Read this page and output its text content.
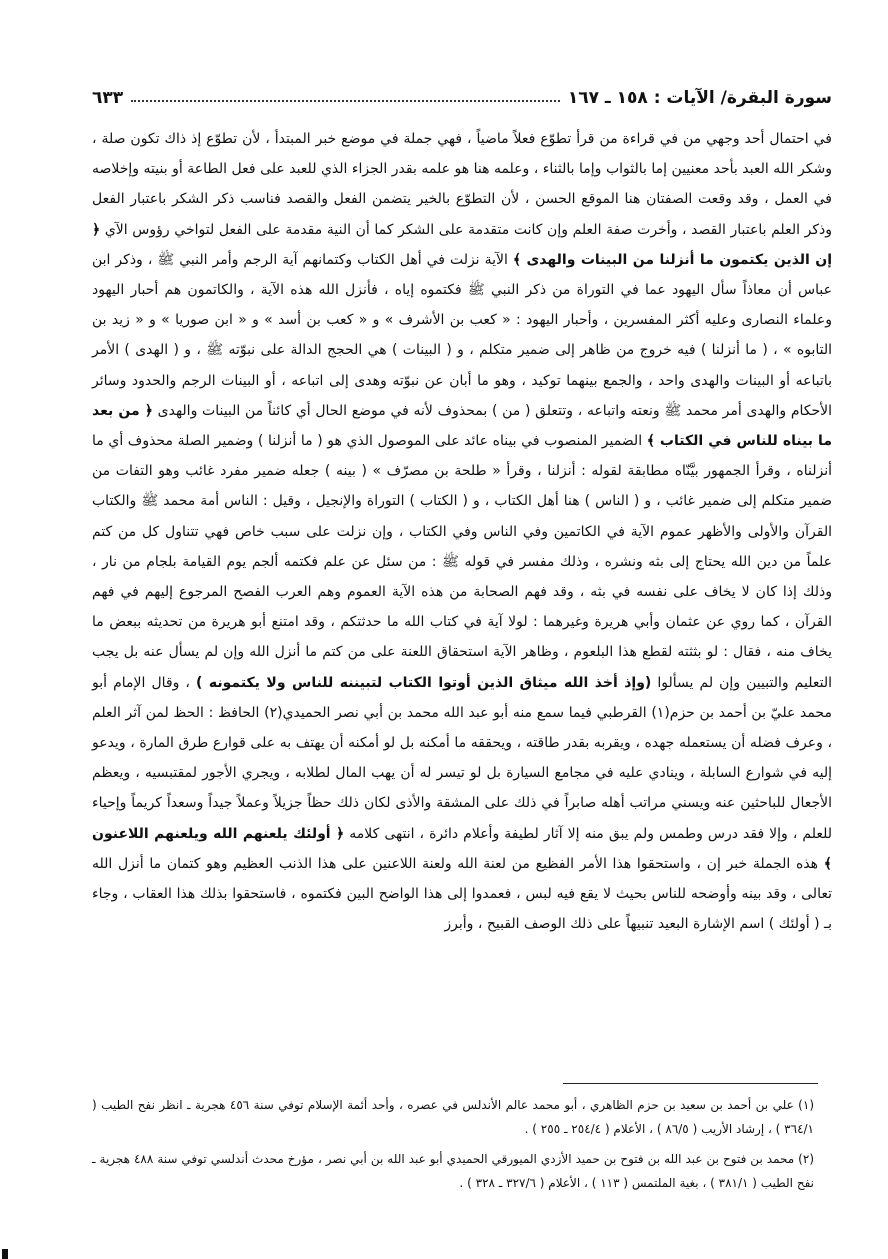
سورة البقرة/ الآيات : ١٥٨ ـ ١٦٧
٦٣٣
في احتمال أحد وجهي من في قراءة من قرأ تطوّع فعلاً ماضياً ، فهي جملة في موضع خبر المبتدأ ، لأن تطوّع إذ ذاك تكون صلة ، وشكر الله العبد بأحد معنيين إما بالثواب وإما بالثناء ، وعلمه هنا هو علمه بقدر الجزاء الذي للعبد على فعل الطاعة أو بنيته وإخلاصه في العمل ، وقد وقعت الصفتان هنا الموقع الحسن ، لأن التطوّع بالخير يتضمن الفعل والقصد فناسب ذكر الشكر باعتبار الفعل وذكر العلم باعتبار القصد ، وأخرت صفة العلم وإن كانت متقدمة على الشكر كما أن النية مقدمة على الفعل لتواخي رؤوس الآي ﴿ إن الذين يكتمون ما أنزلنا من البينات والهدى ﴾ الآية نزلت في أهل الكتاب وكتمانهم آية الرجم وأمر النبي ﷺ ، وذكر ابن عباس أن معاذاً سأل اليهود عما في التوراة من ذكر النبي ﷺ فكتموه إياه ، فأنزل الله هذه الآية ، والكاتمون هم أحبار اليهود وعلماء النصارى وعليه أكثر المفسرين ، وأحبار اليهود : « كعب بن الأشرف » و « كعب بن أسد » و « ابن صوريا » و « زيد بن التابوه » ، ( ما أنزلنا ) فيه خروج من ظاهر إلى ضمير متكلم ، و ( البينات ) هي الحجج الدالة على نبوّته ﷺ ، و ( الهدى ) الأمر باتباعه أو البينات والهدى واحد ، والجمع بينهما توكيد ، وهو ما أبان عن نبوّته وهدى إلى اتباعه ، أو البينات الرجم والحدود وسائر الأحكام والهدى أمر محمد ﷺ ونعته واتباعه ، وتتعلق ( من ) بمحذوف لأنه في موضع الحال أي كائناً من البينات والهدى ﴿ من بعد ما بيناه للناس في الكتاب ﴾ الضمير المنصوب في بيناه عائد على الموصول الذي هو ( ما أنزلنا ) وضمير الصلة محذوف أي ما أنزلناه ، وقرأ الجمهور بيَّنّاه مطابقة لقوله : أنزلنا ، وقرأ « طلحة بن مصرّف » ( بينه ) جعله ضمير مفرد غائب وهو التفات من ضمير متكلم إلى ضمير غائب ، و ( الناس ) هنا أهل الكتاب ، و ( الكتاب ) التوراة والإنجيل ، وقيل : الناس أمة محمد ﷺ والكتاب القرآن والأولى والأظهر عموم الآية في الكاتمين وفي الناس وفي الكتاب ، وإن نزلت على سبب خاص فهي تتناول كل من كتم علماً من دين الله يحتاج إلى بثه ونشره ، وذلك مفسر في قوله ﷺ : من سئل عن علم فكتمه ألجم يوم القيامة بلجام من نار ، وذلك إذا كان لا يخاف على نفسه في بثه ، وقد فهم الصحابة من هذه الآية العموم وهم العرب الفصح المرجوع إليهم في فهم القرآن ، كما روي عن عثمان وأبي هريرة وغيرهما : لولا آية في كتاب الله ما حدثتكم ، وقد امتنع أبو هريرة من تحديثه ببعض ما يخاف منه ، فقال : لو بثثته لقطع هذا البلعوم ، وظاهر الآية استحقاق اللعنة على من كتم ما أنزل الله وإن لم يسأل عنه بل يجب التعليم والتبيين وإن لم يسألوا (وإذ أخذ الله ميثاق الذين أوتوا الكتاب لتبيننه للناس ولا يكتمونه ) ، وقال الإمام أبو محمد عليّ بن أحمد بن حزم(١) القرطبي فيما سمع منه أبو عبد الله محمد بن أبي نصر الحميدي(٢) الحافظ : الحظ لمن آثر العلم ، وعرف فضله أن يستعمله جهده ، ويقربه بقدر طاقته ، ويحققه ما أمكنه بل لو أمكنه أن يهتف به على قوارع طرق المارة ، ويدعو إليه في شوارع السابلة ، وينادي عليه في مجامع السيارة بل لو تيسر له أن يهب المال لطلابه ، ويجري الأجور لمقتبسيه ، ويعظم الأجعال للباحثين عنه ويسني مراتب أهله صابراً في ذلك على المشقة والأذى لكان ذلك حظاً جزيلاً وعملاً جيداً وسعداً كريماً وإحياء للعلم ، وإلا فقد درس وطمس ولم يبق منه إلا آثار لطيفة وأعلام دائرة ، انتهى كلامه ﴿ أولئك يلعنهم الله ويلعنهم اللاعنون ﴾ هذه الجملة خبر إن ، واستحقوا هذا الأمر الفظيع من لعنة الله ولعنة اللاعنين على هذا الذنب العظيم وهو كتمان ما أنزل الله تعالى ، وقد بينه وأوضحه للناس بحيث لا يقع فيه لبس ، فعمدوا إلى هذا الواضح البين فكتموه ، فاستحقوا بذلك هذا العقاب ، وجاء بـ ( أولئك ) اسم الإشارة البعيد تنبيهاً على ذلك الوصف القبيح ، وأبرز

(١) علي بن أحمد بن سعيد بن حزم الظاهري ، أبو محمد عالم الأندلس في عصره ، وأحد أئمة الإسلام توفي سنة ٤٥٦ هجرية ـ انظر نفح الطيب ( ٣٦٤/١ ) ، إرشاد الأريب ( ٨٦/٥ ) ، الأعلام ( ٢٥٤/٤ ـ ٢٥٥ ) .

(٢) محمد بن فتوح بن عبد الله بن فتوح بن حميد الأزدي الميورقي الحميدي أبو عبد الله بن أبي نصر ، مؤرخ محدث أندلسي توفي سنة ٤٨٨ هجرية ـ نفح الطيب ( ٣٨١/١ ) ، بغية الملتمس ( ١١٣ ) ، الأعلام ( ٣٢٧/٦ ـ ٣٢٨ ) .
